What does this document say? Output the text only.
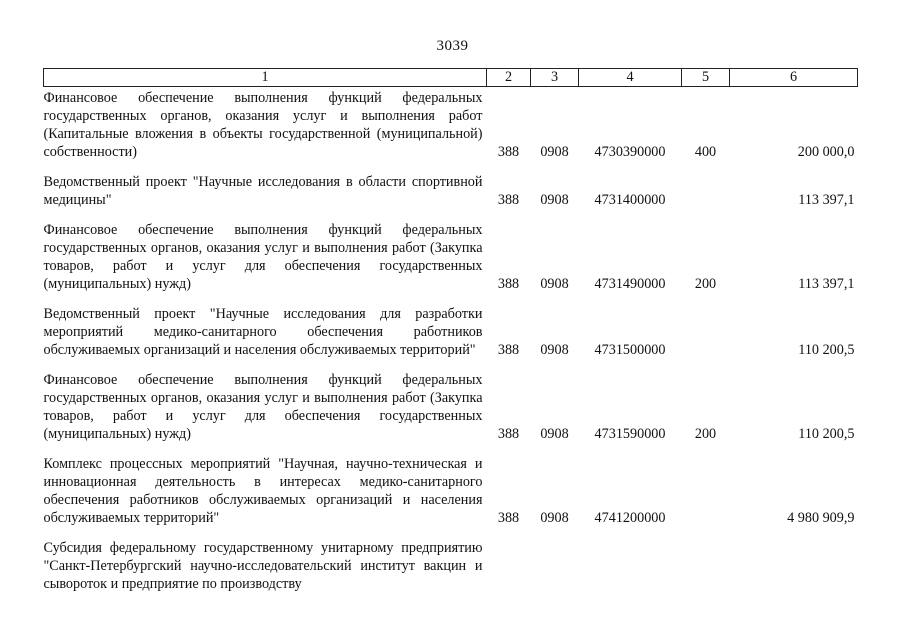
3039
1	2	3	4	5	6

Финансовое обеспечение выполнения функций федеральных государственных органов, оказания услуг и выполнения работ (Капитальные вложения в объекты государственной (муниципальной) собственности)	388	0908	4730390000	400	200 000,0

Ведомственный проект "Научные исследования в области спортивной медицины"	388	0908	4731400000		113 397,1

Финансовое обеспечение выполнения функций федеральных государственных органов, оказания услуг и выполнения работ (Закупка товаров, работ и услуг для обеспечения государственных (муниципальных) нужд)	388	0908	4731490000	200	113 397,1

Ведомственный проект "Научные исследования для разработки мероприятий медико-санитарного обеспечения работников обслуживаемых организаций и населения обслуживаемых территорий"	388	0908	4731500000		110 200,5

Финансовое обеспечение выполнения функций федеральных государственных органов, оказания услуг и выполнения работ (Закупка товаров, работ и услуг для обеспечения государственных (муниципальных) нужд)	388	0908	4731590000	200	110 200,5

Комплекс процессных мероприятий "Научная, научно-техническая и инновационная деятельность в интересах медико-санитарного обеспечения работников обслуживаемых организаций и населения обслуживаемых территорий"	388	0908	4741200000		4 980 909,9

Субсидия федеральному государственному унитарному предприятию "Санкт-Петербургский научно-исследовательский институт вакцин и сывороток и предприятие по производству					
